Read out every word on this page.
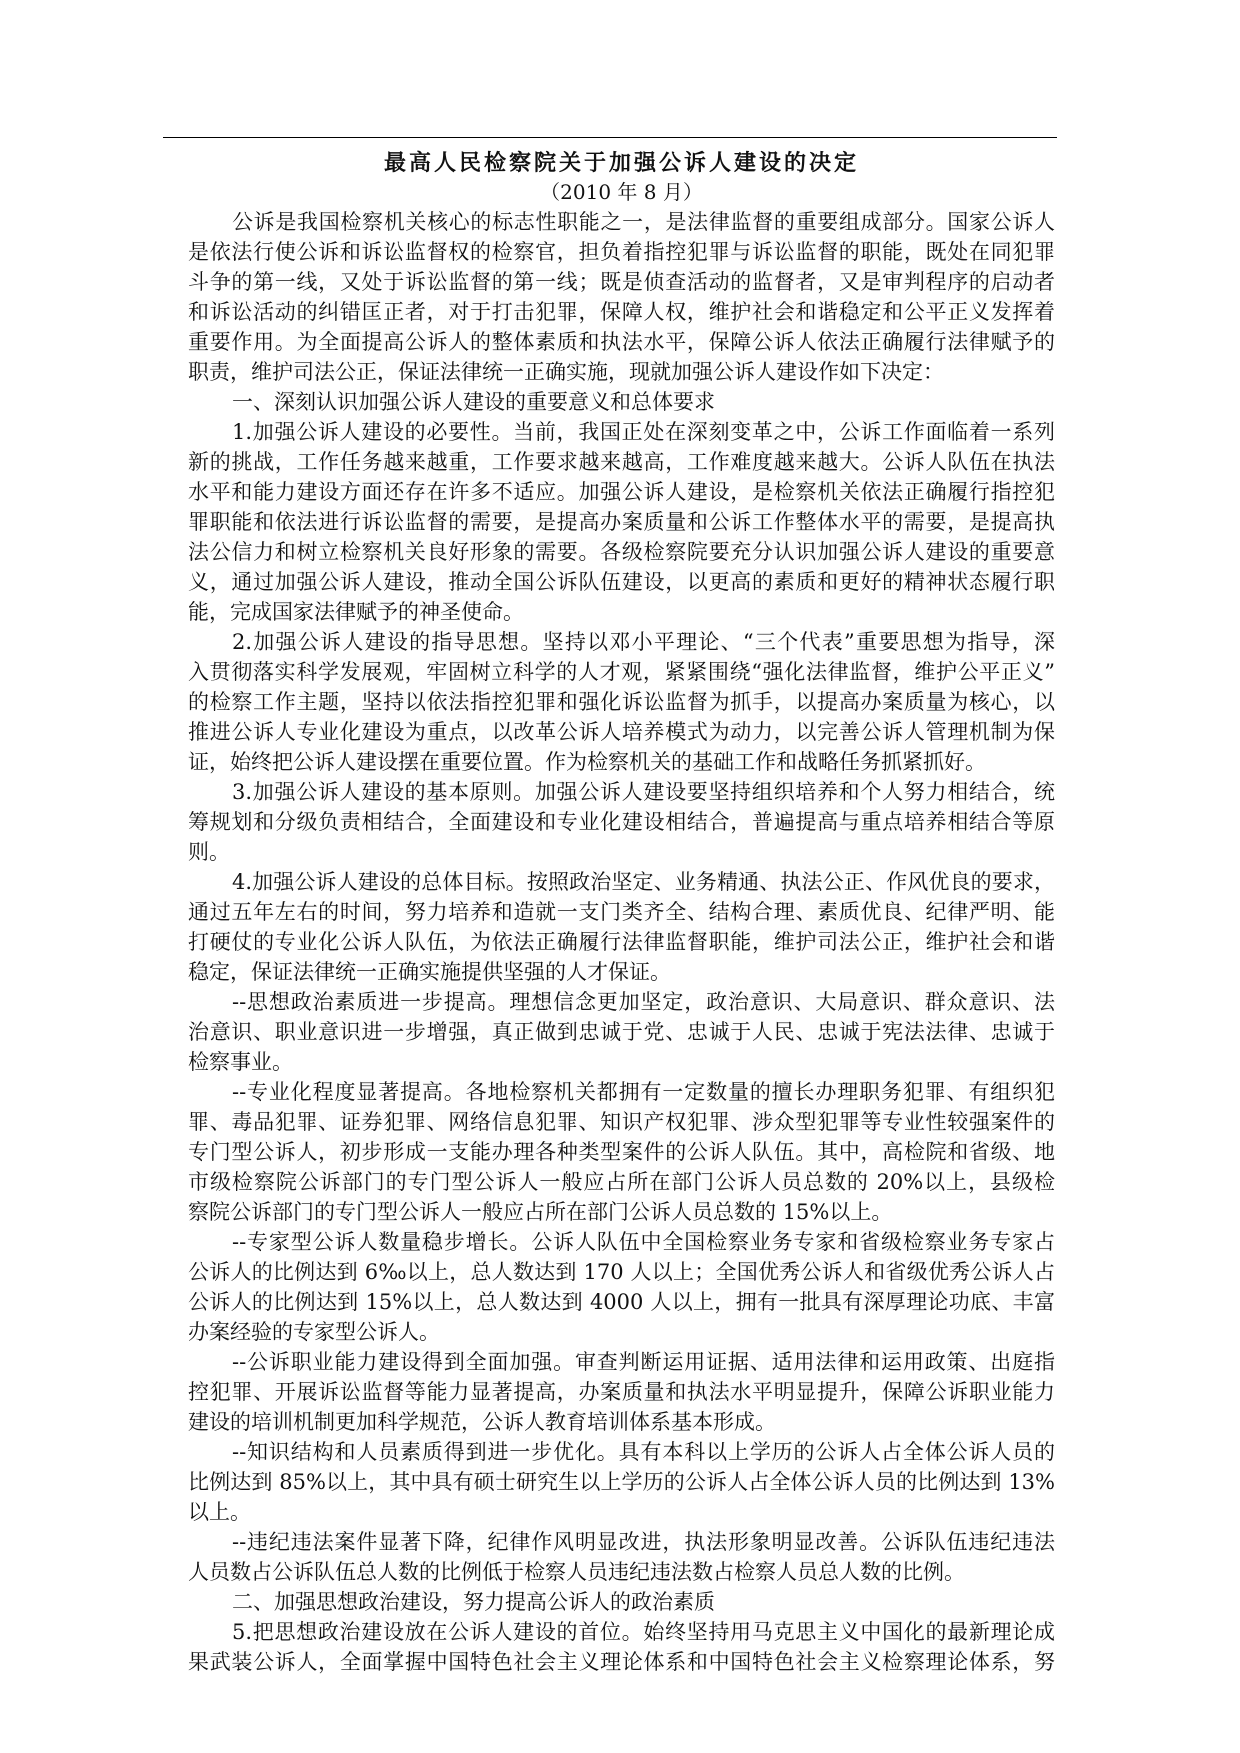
最高人民检察院关于加强公诉人建设的决定
（2010 年 8 月）
公诉是我国检察机关核心的标志性职能之一，是法律监督的重要组成部分。国家公诉人
是依法行使公诉和诉讼监督权的检察官，担负着指控犯罪与诉讼监督的职能，既处在同犯罪
斗争的第一线，又处于诉讼监督的第一线；既是侦查活动的监督者，又是审判程序的启动者
和诉讼活动的纠错匡正者，对于打击犯罪，保障人权，维护社会和谐稳定和公平正义发挥着
重要作用。为全面提高公诉人的整体素质和执法水平，保障公诉人依法正确履行法律赋予的
职责，维护司法公正，保证法律统一正确实施，现就加强公诉人建设作如下决定：
一、深刻认识加强公诉人建设的重要意义和总体要求
1.加强公诉人建设的必要性。当前，我国正处在深刻变革之中，公诉工作面临着一系列
新的挑战，工作任务越来越重，工作要求越来越高，工作难度越来越大。公诉人队伍在执法
水平和能力建设方面还存在许多不适应。加强公诉人建设，是检察机关依法正确履行指控犯
罪职能和依法进行诉讼监督的需要，是提高办案质量和公诉工作整体水平的需要，是提高执
法公信力和树立检察机关良好形象的需要。各级检察院要充分认识加强公诉人建设的重要意
义，通过加强公诉人建设，推动全国公诉队伍建设，以更高的素质和更好的精神状态履行职
能，完成国家法律赋予的神圣使命。
2.加强公诉人建设的指导思想。坚持以邓小平理论、“三个代表”重要思想为指导，深
入贯彻落实科学发展观，牢固树立科学的人才观，紧紧围绕“强化法律监督，维护公平正义”
的检察工作主题，坚持以依法指控犯罪和强化诉讼监督为抓手，以提高办案质量为核心，以
推进公诉人专业化建设为重点，以改革公诉人培养模式为动力，以完善公诉人管理机制为保
证，始终把公诉人建设摆在重要位置。作为检察机关的基础工作和战略任务抓紧抓好。
3.加强公诉人建设的基本原则。加强公诉人建设要坚持组织培养和个人努力相结合，统
筹规划和分级负责相结合，全面建设和专业化建设相结合，普遍提高与重点培养相结合等原
则。
4.加强公诉人建设的总体目标。按照政治坚定、业务精通、执法公正、作风优良的要求，
通过五年左右的时间，努力培养和造就一支门类齐全、结构合理、素质优良、纪律严明、能
打硬仗的专业化公诉人队伍，为依法正确履行法律监督职能，维护司法公正，维护社会和谐
稳定，保证法律统一正确实施提供坚强的人才保证。
--思想政治素质进一步提高。理想信念更加坚定，政治意识、大局意识、群众意识、法
治意识、职业意识进一步增强，真正做到忠诚于党、忠诚于人民、忠诚于宪法法律、忠诚于
检察事业。
--专业化程度显著提高。各地检察机关都拥有一定数量的擅长办理职务犯罪、有组织犯
罪、毒品犯罪、证券犯罪、网络信息犯罪、知识产权犯罪、涉众型犯罪等专业性较强案件的
专门型公诉人，初步形成一支能办理各种类型案件的公诉人队伍。其中，高检院和省级、地
市级检察院公诉部门的专门型公诉人一般应占所在部门公诉人员总数的 20%以上，县级检
察院公诉部门的专门型公诉人一般应占所在部门公诉人员总数的 15%以上。
--专家型公诉人数量稳步增长。公诉人队伍中全国检察业务专家和省级检察业务专家占
公诉人的比例达到 6‰以上，总人数达到 170 人以上；全国优秀公诉人和省级优秀公诉人占
公诉人的比例达到 15%以上，总人数达到 4000 人以上，拥有一批具有深厚理论功底、丰富
办案经验的专家型公诉人。
--公诉职业能力建设得到全面加强。审查判断运用证据、适用法律和运用政策、出庭指
控犯罪、开展诉讼监督等能力显著提高，办案质量和执法水平明显提升，保障公诉职业能力
建设的培训机制更加科学规范，公诉人教育培训体系基本形成。
--知识结构和人员素质得到进一步优化。具有本科以上学历的公诉人占全体公诉人员的
比例达到 85%以上，其中具有硕士研究生以上学历的公诉人占全体公诉人员的比例达到 13%
以上。
--违纪违法案件显著下降，纪律作风明显改进，执法形象明显改善。公诉队伍违纪违法
人员数占公诉队伍总人数的比例低于检察人员违纪违法数占检察人员总人数的比例。
二、加强思想政治建设，努力提高公诉人的政治素质
5.把思想政治建设放在公诉人建设的首位。始终坚持用马克思主义中国化的最新理论成
果武装公诉人，全面掌握中国特色社会主义理论体系和中国特色社会主义检察理论体系，努
